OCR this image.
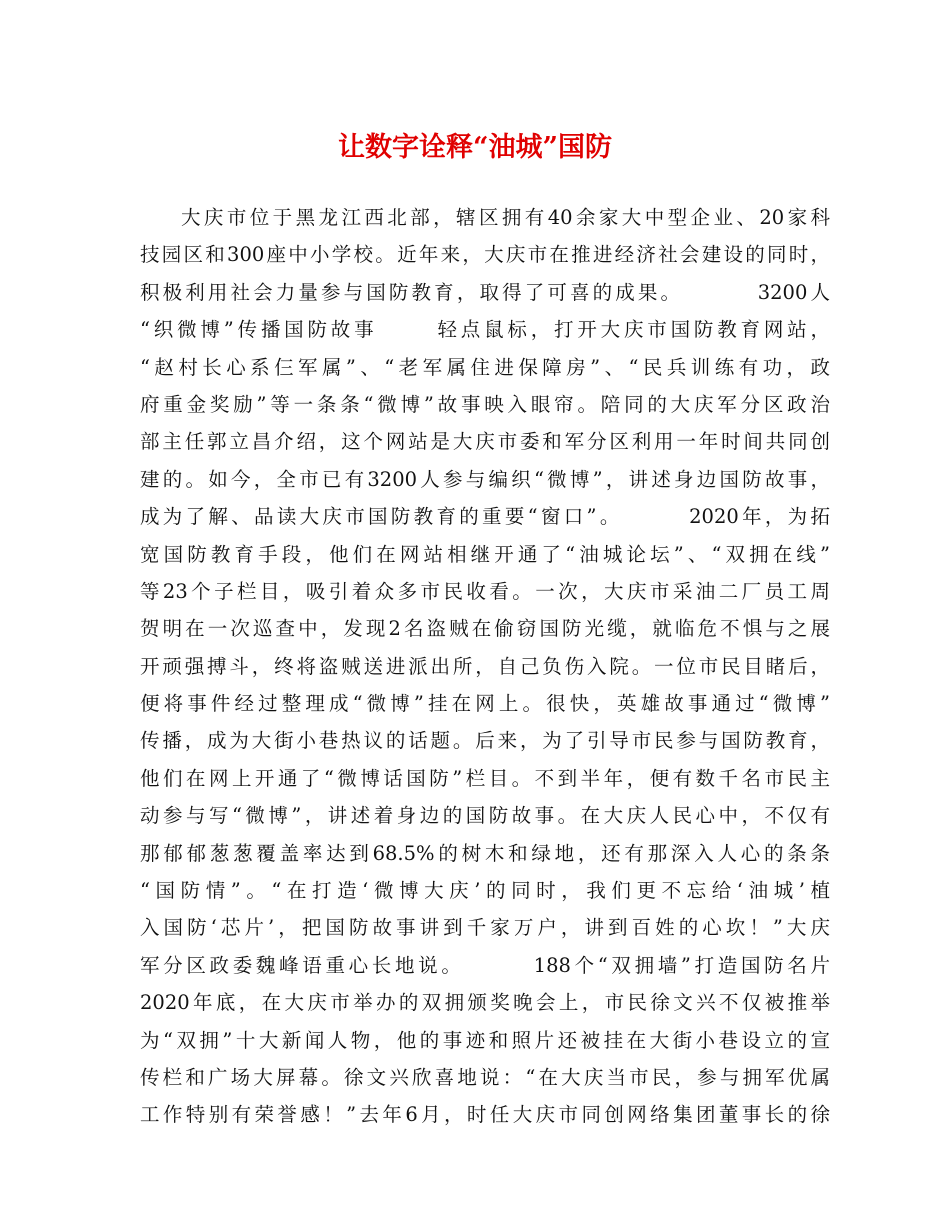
让数字诠释“油城”国防
大庆市位于黑龙江西北部，辖区拥有40余家大中型企业、20家科
技园区和300座中小学校。近年来，大庆市在推进经济社会建设的同时，
积极利用社会力量参与国防教育，取得了可喜的成果。        3200人
“织微博”传播国防故事      轻点鼠标，打开大庆市国防教育网站，
“赵村长心系仨军属”、“老军属住进保障房”、“民兵训练有功，政
府重金奖励”等一条条“微博”故事映入眼帘。陪同的大庆军分区政治
部主任郭立昌介绍，这个网站是大庆市委和军分区利用一年时间共同创
建的。如今，全市已有3200人参与编织“微博”，讲述身边国防故事，
成为了解、品读大庆市国防教育的重要“窗口”。       2020年，为拓
宽国防教育手段，他们在网站相继开通了“油城论坛”、“双拥在线”
等23个子栏目，吸引着众多市民收看。一次，大庆市采油二厂员工周
贺明在一次巡查中，发现2名盗贼在偷窃国防光缆，就临危不惧与之展
开顽强搏斗，终将盗贼送进派出所，自己负伤入院。一位市民目睹后，
便将事件经过整理成“微博”挂在网上。很快，英雄故事通过“微博”
传播，成为大街小巷热议的话题。后来，为了引导市民参与国防教育，
他们在网上开通了“微博话国防”栏目。不到半年，便有数千名市民主
动参与写“微博”，讲述着身边的国防故事。在大庆人民心中，不仅有
那郁郁葱葱覆盖率达到68.5%的树木和绿地，还有那深入人心的条条
“国防情”。“在打造‘微博大庆’的同时，我们更不忘给‘油城’植
入国防‘芯片’，把国防故事讲到千家万户，讲到百姓的心坎！”大庆
军分区政委魏峰语重心长地说。       188个“双拥墙”打造国防名片
2020年底，在大庆市举办的双拥颁奖晚会上，市民徐文兴不仅被推举
为“双拥”十大新闻人物，他的事迹和照片还被挂在大街小巷设立的宣
传栏和广场大屏幕。徐文兴欣喜地说：“在大庆当市民，参与拥军优属
工作特别有荣誉感！”去年6月，时任大庆市同创网络集团董事长的徐
